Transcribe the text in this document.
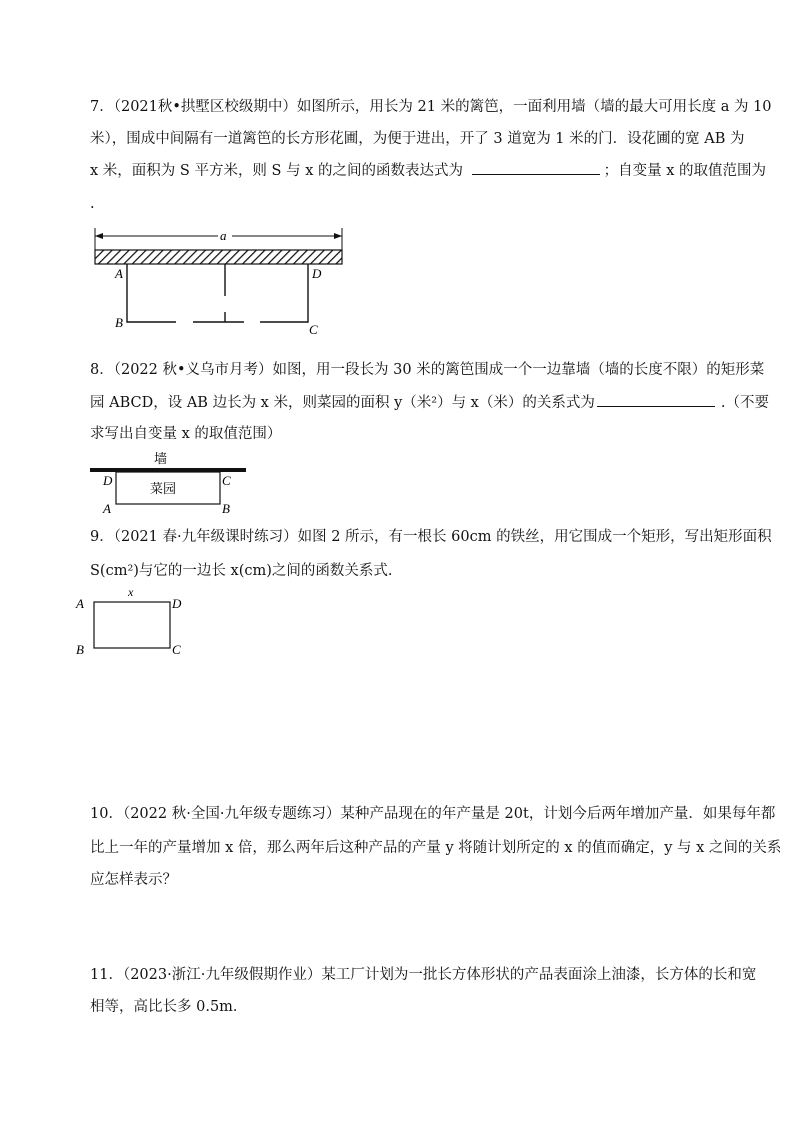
7．（2021秋•拱墅区校级期中）如图所示，用长为 21 米的篱笆，一面利用墙（墙的最大可用长度 a 为 10
米），围成中间隔有一道篱笆的长方形花圃，为便于进出，开了 3 道宽为 1 米的门．设花圃的宽 AB 为
x 米，面积为 S 平方米，则 S 与 x 的之间的函数表达式为	；自变量 x 的取值范围为
.
a
A
B	C
D
8．（2022 秋•义乌市月考）如图，用一段长为 30 米的篱笆围成一个一边靠墙（墙的长度不限）的矩形菜
园 ABCD，设 AB 边长为 x 米，则菜园的面积 y（米²）与 x（米）的关系式为	.（不要
求写出自变量 x 的取值范围）
墙
菜园
D
A
C
B
9．（2021 春·九年级课时练习）如图 2 所示，有一根长 60cm 的铁丝，用它围成一个矩形，写出矩形面积
S(cm²)与它的一边长 x(cm)之间的函数关系式.
x
A
B	C
D
10．（2022 秋·全国·九年级专题练习）某种产品现在的年产量是 20t，计划今后两年增加产量．如果每年都
比上一年的产量增加 x 倍，那么两年后这种产品的产量 y 将随计划所定的 x 的值而确定，y 与 x 之间的关系
应怎样表示？
11．（2023·浙江·九年级假期作业）某工厂计划为一批长方体形状的产品表面涂上油漆，长方体的长和宽
相等，高比长多 0.5m．
